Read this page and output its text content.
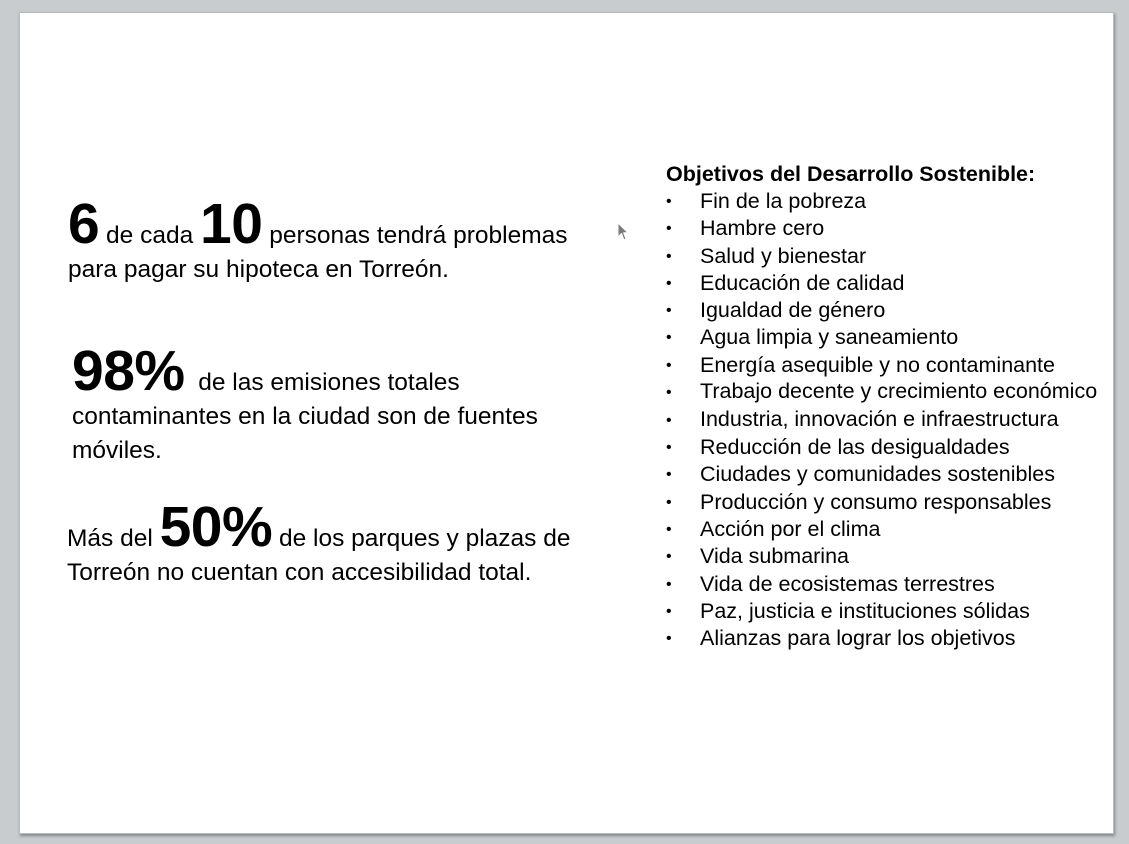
6 de cada 10 personas tendrá problemas para pagar su hipoteca en Torreón.

98%  de las emisiones totales contaminantes en la ciudad son de fuentes móviles.

Más del 50% de los parques y plazas de Torreón no cuentan con accesibilidad total.

Objetivos del Desarrollo Sostenible:

• Fin de la pobreza
• Hambre cero
• Salud y bienestar
• Educación de calidad
• Igualdad de género
• Agua limpia y saneamiento
• Energía asequible y no contaminante
• Trabajo decente y crecimiento económico
• Industria, innovación e infraestructura
• Reducción de las desigualdades
• Ciudades y comunidades sostenibles
• Producción y consumo responsables
• Acción por el clima
• Vida submarina
• Vida de ecosistemas terrestres
• Paz, justicia e instituciones sólidas
• Alianzas para lograr los objetivos
